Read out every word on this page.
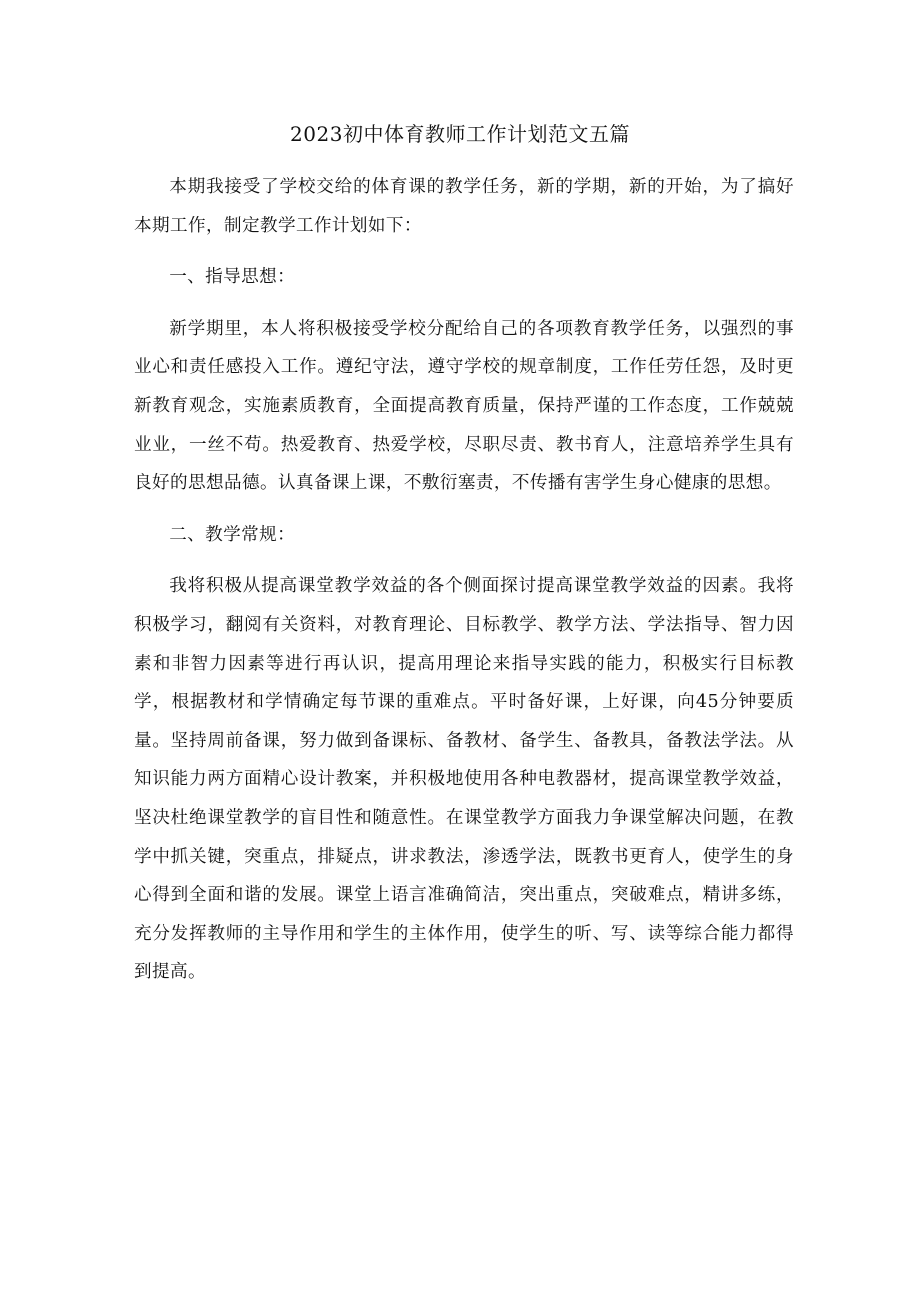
2023初中体育教师工作计划范文五篇

本期我接受了学校交给的体育课的教学任务，新的学期，新的开始，为了搞好本期工作，制定教学工作计划如下：

一、指导思想：

新学期里，本人将积极接受学校分配给自己的各项教育教学任务，以强烈的事业心和责任感投入工作。遵纪守法，遵守学校的规章制度，工作任劳任怨，及时更新教育观念，实施素质教育，全面提高教育质量，保持严谨的工作态度，工作兢兢业业，一丝不苟。热爱教育、热爱学校，尽职尽责、教书育人，注意培养学生具有良好的思想品德。认真备课上课，不敷衍塞责，不传播有害学生身心健康的思想。

二、教学常规：

我将积极从提高课堂教学效益的各个侧面探讨提高课堂教学效益的因素。我将积极学习，翻阅有关资料，对教育理论、目标教学、教学方法、学法指导、智力因素和非智力因素等进行再认识，提高用理论来指导实践的能力，积极实行目标教学，根据教材和学情确定每节课的重难点。平时备好课，上好课，向45分钟要质量。坚持周前备课，努力做到备课标、备教材、备学生、备教具，备教法学法。从知识能力两方面精心设计教案，并积极地使用各种电教器材，提高课堂教学效益，坚决杜绝课堂教学的盲目性和随意性。在课堂教学方面我力争课堂解决问题，在教学中抓关键，突重点，排疑点，讲求教法，渗透学法，既教书更育人，使学生的身心得到全面和谐的发展。课堂上语言准确简洁，突出重点，突破难点，精讲多练，充分发挥教师的主导作用和学生的主体作用，使学生的听、写、读等综合能力都得到提高。
